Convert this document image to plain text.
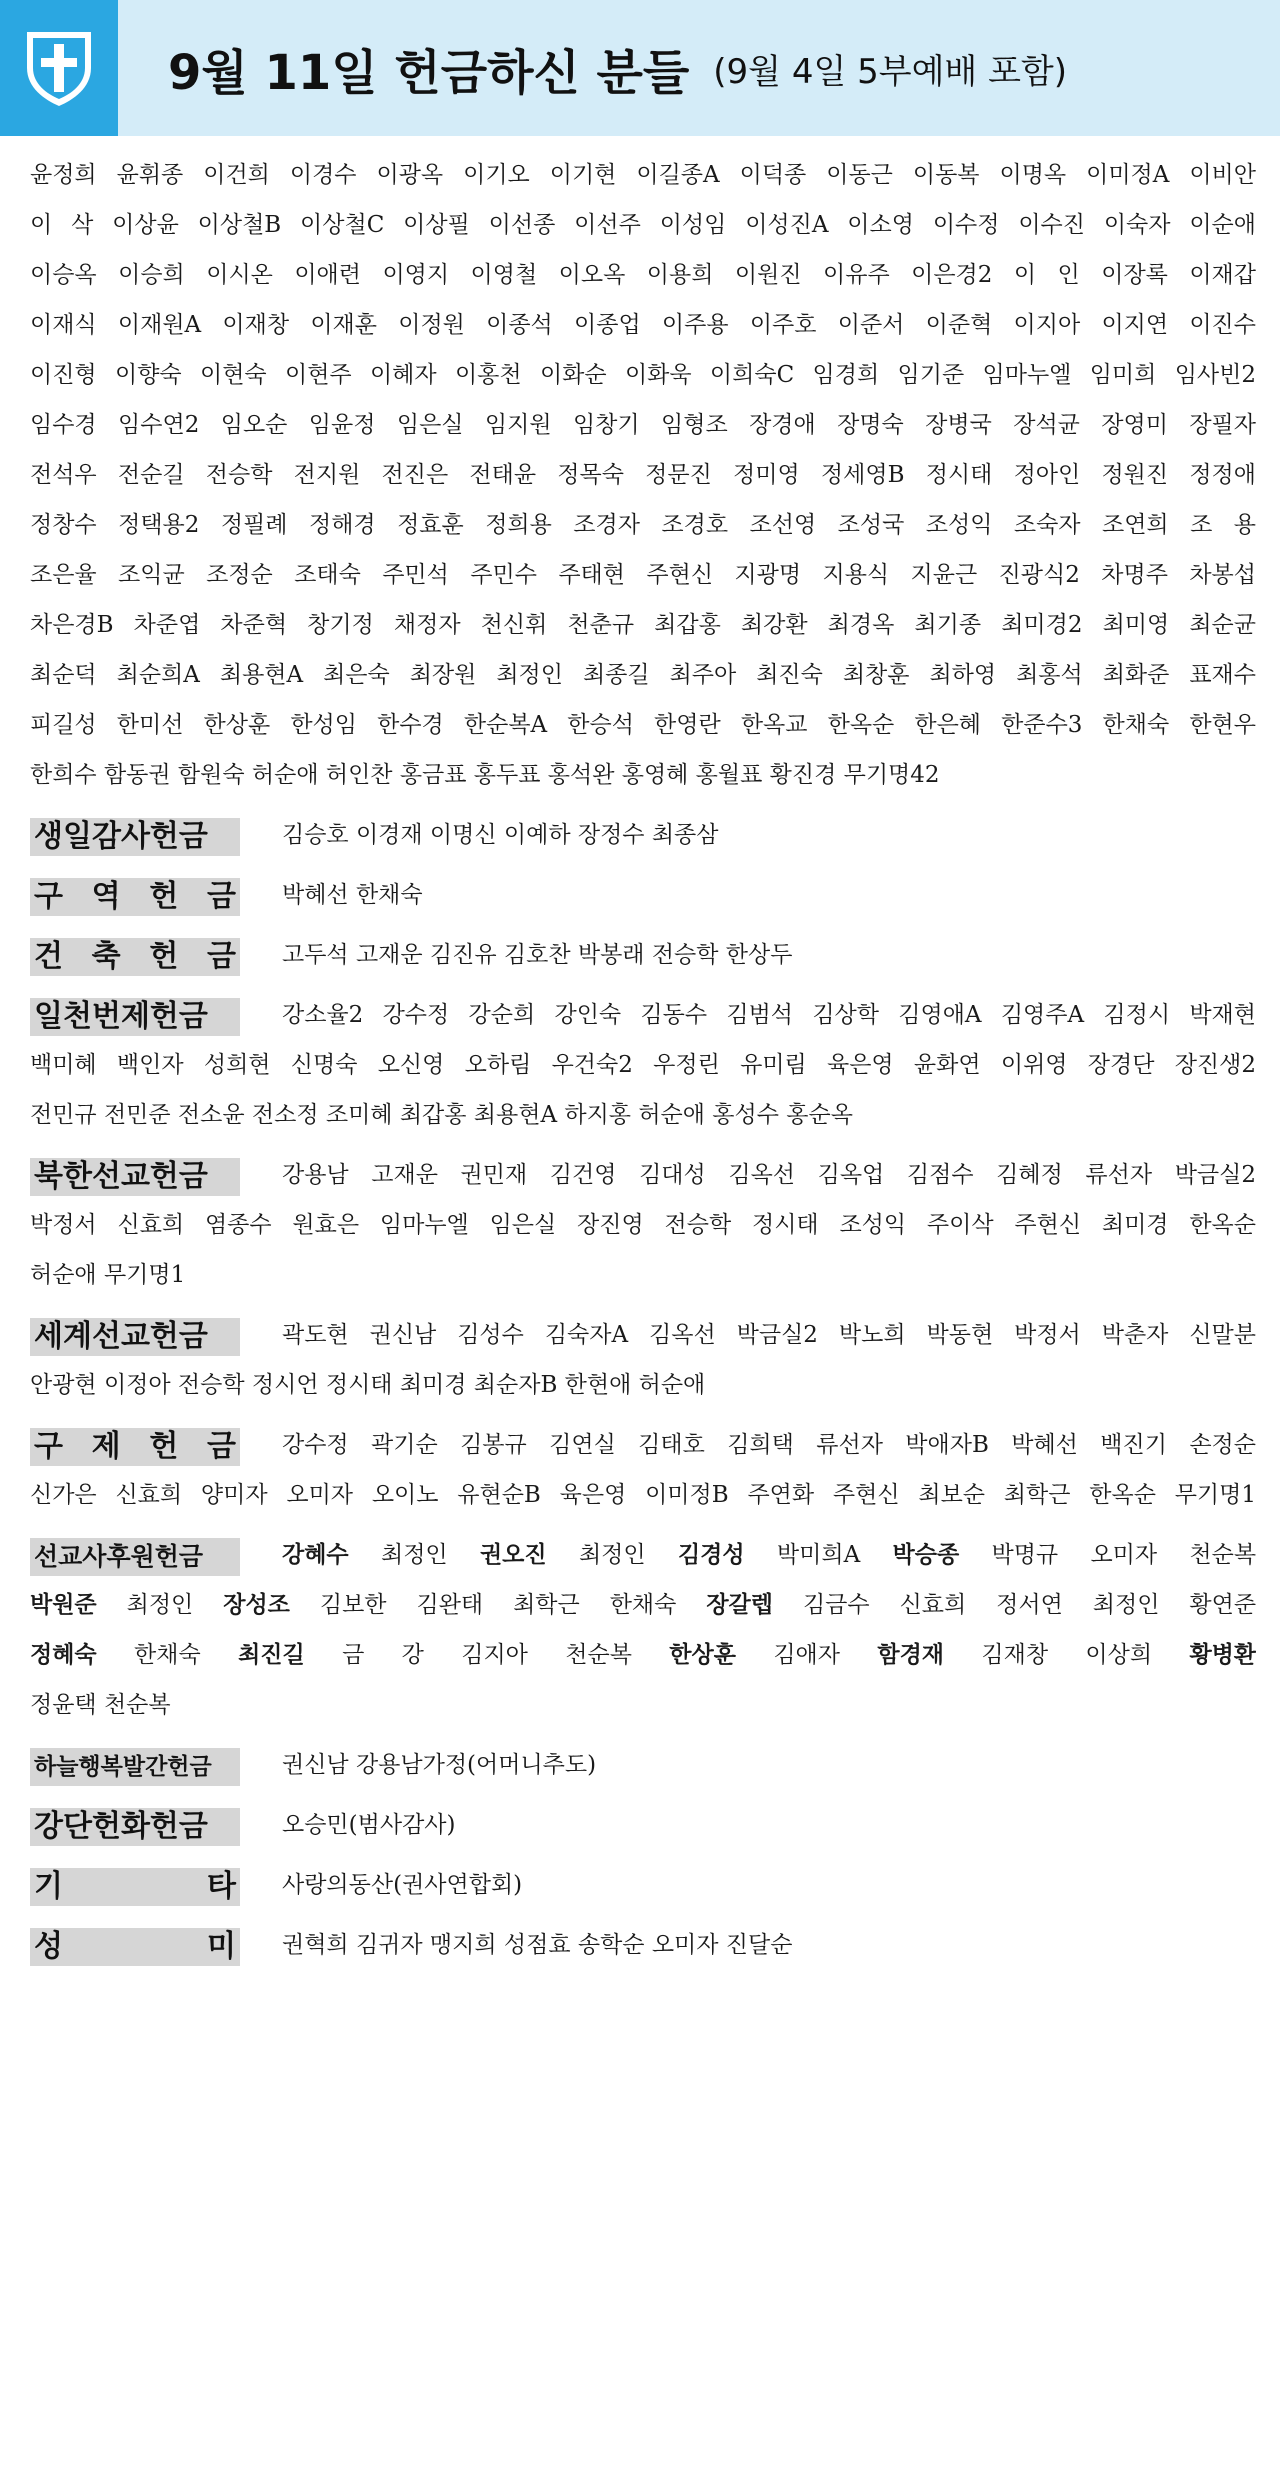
9월 11일 헌금하신 분들 (9월 4일 5부예배 포함)
윤정희 윤휘종 이건희 이경수 이광옥 이기오 이기현 이길종A 이덕종 이동근 이동복 이명옥 이미정A 이비안
이 삭 이상윤 이상철B 이상철C 이상필 이선종 이선주 이성임 이성진A 이소영 이수정 이수진 이숙자 이순애
이승옥 이승희 이시온 이애련 이영지 이영철 이오옥 이용희 이원진 이유주 이은경2 이 인 이장록 이재갑
이재식 이재원A 이재창 이재훈 이정원 이종석 이종업 이주용 이주호 이준서 이준혁 이지아 이지연 이진수
이진형 이향숙 이현숙 이현주 이혜자 이홍천 이화순 이화욱 이희숙C 임경희 임기준 임마누엘 임미희 임사빈2
임수경 임수연2 임오순 임윤정 임은실 임지원 임창기 임형조 장경애 장명숙 장병국 장석균 장영미 장필자
전석우 전순길 전승학 전지원 전진은 전태윤 정목숙 정문진 정미영 정세영B 정시태 정아인 정원진 정정애
정창수 정택용2 정필례 정해경 정효훈 정희용 조경자 조경호 조선영 조성국 조성익 조숙자 조연희 조 용
조은율 조익균 조정순 조태숙 주민석 주민수 주태현 주현신 지광명 지용식 지윤근 진광식2 차명주 차봉섭
차은경B 차준엽 차준혁 창기정 채정자 천신휘 천춘규 최갑홍 최강환 최경옥 최기종 최미경2 최미영 최순균
최순덕 최순희A 최용현A 최은숙 최장원 최정인 최종길 최주아 최진숙 최창훈 최하영 최홍석 최화준 표재수
피길성 한미선 한상훈 한성임 한수경 한순복A 한승석 한영란 한옥교 한옥순 한은혜 한준수3 한채숙 한현우
한희수 함동권 함원숙 허순애 허인찬 홍금표 홍두표 홍석완 홍영혜 홍월표 황진경 무기명42
생일감사헌금	김승호 이경재 이명신 이예하 장정수 최종삼
구 역 헌 금	박혜선 한채숙
건 축 헌 금	고두석 고재운 김진유 김호찬 박봉래 전승학 한상두
일천번제헌금	강소율2 강수정 강순희 강인숙 김동수 김범석 김상학 김영애A 김영주A 김정시 박재현
백미혜 백인자 성희현 신명숙 오신영 오하림 우건숙2 우정린 유미림 육은영 윤화연 이위영 장경단 장진생2
전민규 전민준 전소윤 전소정 조미혜 최갑홍 최용현A 하지홍 허순애 홍성수 홍순옥
북한선교헌금	강용남 고재운 권민재 김건영 김대성 김옥선 김옥업 김점수 김혜정 류선자 박금실2
박정서 신효희 염종수 원효은 임마누엘 임은실 장진영 전승학 정시태 조성익 주이삭 주현신 최미경 한옥순
허순애 무기명1
세계선교헌금	곽도현 권신남 김성수 김숙자A 김옥선 박금실2 박노희 박동현 박정서 박춘자 신말분
안광현 이정아 전승학 정시언 정시태 최미경 최순자B 한현애 허순애
구 제 헌 금	강수정 곽기순 김봉규 김연실 김태호 김희택 류선자 박애자B 박혜선 백진기 손정순
신가은 신효희 양미자 오미자 오이노 유현순B 육은영 이미정B 주연화 주현신 최보순 최학근 한옥순 무기명1
선교사후원헌금	강혜수 최정인 권오진 최정인 김경성 박미희A 박승종 박명규 오미자 천순복
박원준 최정인 장성조 김보한 김완태 최학근 한채숙 장갈렙 김금수 신효희 정서연 최정인 황연준
정혜숙 한채숙 최진길 금 강 김지아 천순복 한상훈 김애자 함경재 김재창 이상희 황병환
정윤택 천순복
하늘행복발간헌금	권신남 강용남가정(어머니추도)
강단헌화헌금	오승민(범사감사)
기 타	사랑의동산(권사연합회)
성 미	권혁희 김귀자 맹지희 성점효 송학순 오미자 진달순
